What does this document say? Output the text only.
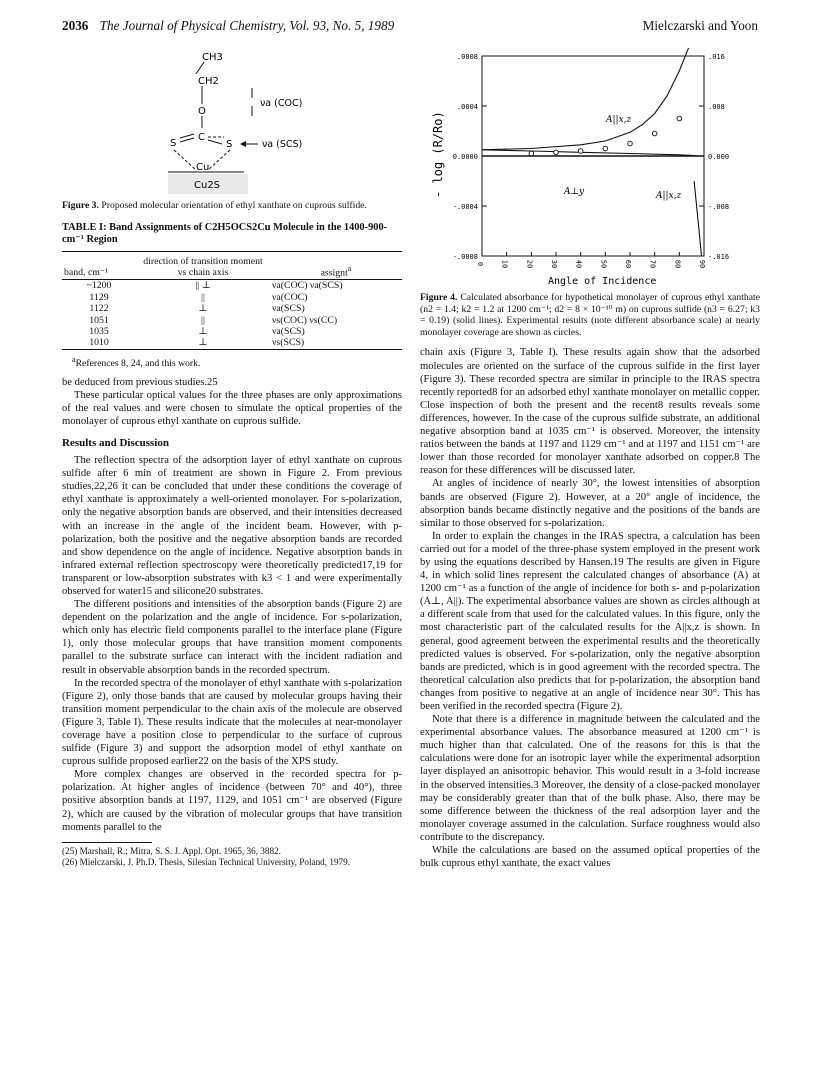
2036 The Journal of Physical Chemistry, Vol. 93, No. 5, 1989	Mielczarski and Yoon
CH3
CH2
O
C
S	S
νa (COC)
νa (SCS)
Cu
Cu2S

Figure 3. Proposed molecular orientation of ethyl xanthate on cuprous sulfide.

TABLE I: Band Assignments of C2H5OCS2Cu Molecule in the 1400-900-cm⁻¹ Region
band, cm⁻¹	direction of transition moment vs chain axis	assignt$^a$
~1200	|| ⊥	νa(COC) νa(SCS)
1129	||	νa(COC)
1122	⊥	νa(SCS)
1051	||	νs(COC) νs(CC)
1035	⊥	νa(SCS)
1010	⊥	νs(SCS)

$^a$References 8, 24, and this work.

be deduced from previous studies.25

These particular optical values for the three phases are only approximations of the real values and were chosen to simulate the optical properties of the monolayer of cuprous ethyl xanthate on cuprous sulfide.

Results and Discussion

The reflection spectra of the adsorption layer of ethyl xanthate on cuprous sulfide after 6 min of treatment are shown in Figure 2. From previous studies,22,26 it can be concluded that under these conditions the coverage of ethyl xanthate is approximately a well-oriented monolayer. For s-polarization, only the negative absorption bands are observed, and their intensities decreased with an increase in the angle of the incident beam. However, with p-polarization, both the positive and the negative absorption bands are recorded and show dependence on the angle of incidence. Negative absorption bands in infrared external reflection spectroscopy were theoretically predicted17,19 for transparent or low-absorption substrates with k3 < 1 and were experimentally observed for water15 and silicone20 substrates.

The different positions and intensities of the absorption bands (Figure 2) are dependent on the polarization and the angle of incidence. For s-polarization, which only has electric field components parallel to the interface plane (Figure 1), only those molecular groups that have transition moment components parallel to the substrate surface can interact with the incident radiation and result in observable absorption bands in the recorded spectrum.

In the recorded spectra of the monolayer of ethyl xanthate with s-polarization (Figure 2), only those bands that are caused by molecular groups having their transition moment perpendicular to the chain axis of the molecule are observed (Figure 3, Table I). These results indicate that the molecules at near-monolayer coverage have a position close to perpendicular to the surface of cuprous sulfide (Figure 3) and support the adsorption model of ethyl xanthate on cuprous sulfide proposed earlier22 on the basis of the XPS study.

More complex changes are observed in the recorded spectra for p-polarization. At higher angles of incidence (between 70° and 40°), three positive absorption bands at 1197, 1129, and 1051 cm⁻¹ are observed (Figure 2), which are caused by the vibration of molecular groups that have transition moments parallel to the

(25) Marshall, R.; Mitra, S. S. J. Appl. Opt. 1965, 36, 3882.
(26) Mielczarski, J. Ph.D. Thesis, Silesian Technical University, Poland, 1979.
.0008	.016
.0004	.008
0.0000	0.000
-.0004	-.008
-.0008	-.016
0 10 20 30 40 50 60 70 80 90
- log (R/Ro)
Angle of Incidence
A||x,z
A⊥y	A||x,z

Figure 4. Calculated absorbance for hypothetical monolayer of cuprous ethyl xanthate (n2 = 1.4; k2 = 1.2 at 1200 cm⁻¹; d2 = 8 × 10⁻¹⁰ m) on cuprous sulfide (n3 = 6.27; k3 = 0.19) (solid lines). Experimental results (note different absorbance scale) at nearly monolayer coverage are shown as circles.

chain axis (Figure 3, Table I). These results again show that the adsorbed molecules are oriented on the surface of the cuprous sulfide in the first layer (Figure 3). These recorded spectra are similar in principle to the IRAS spectra recently reported8 for an adsorbed ethyl xanthate monolayer on metallic copper. Close inspection of both the present and the recent8 results reveals some differences, however. In the case of the cuprous sulfide substrate, an additional negative absorption band at 1035 cm⁻¹ is observed. Moreover, the intensity ratios between the bands at 1197 and 1129 cm⁻¹ and at 1197 and 1151 cm⁻¹ are lower than those recorded for monolayer xanthate adsorbed on copper.8 The reason for these differences will be discussed later.

At angles of incidence of nearly 30°, the lowest intensities of absorption bands are observed (Figure 2). However, at a 20° angle of incidence, the absorption bands became distinctly negative and the positions of the bands are similar to those observed for s-polarization.

In order to explain the changes in the IRAS spectra, a calculation has been carried out for a model of the three-phase system employed in the present work by using the equations described by Hansen.19 The results are given in Figure 4, in which solid lines represent the calculated changes of absorbance (A) at 1200 cm⁻¹ as a function of the angle of incidence for both s- and p-polarization (A⊥, A||). The experimental absorbance values are shown as circles although at a different scale from that used for the calculated values. In this figure, only the most characteristic part of the calculated results for the A||x,z is shown. In general, good agreement between the experimental results and the theoretically predicted values is observed. For s-polarization, only the negative absorption bands are predicted, which is in good agreement with the recorded spectra. The theoretical calculation also predicts that for p-polarization, the absorption band changes from positive to negative at an angle of incidence near 30°. This has been verified in the recorded spectra (Figure 2).

Note that there is a difference in magnitude between the calculated and the experimental absorbance values. The absorbance measured at 1200 cm⁻¹ is much higher than that calculated. One of the reasons for this is that the calculations were done for an isotropic layer while the experimental adsorption layer displayed an anisotropic behavior. This would result in a 3-fold increase in the observed intensities.3 Moreover, the density of a close-packed monolayer may be considerably greater than that of the bulk phase. Also, there may be some difference between the thickness of the real adsorption layer and the monolayer coverage assumed in the calculation. Surface roughness would also contribute to the discrepancy.

While the calculations are based on the assumed optical properties of the bulk cuprous ethyl xanthate, the exact values
